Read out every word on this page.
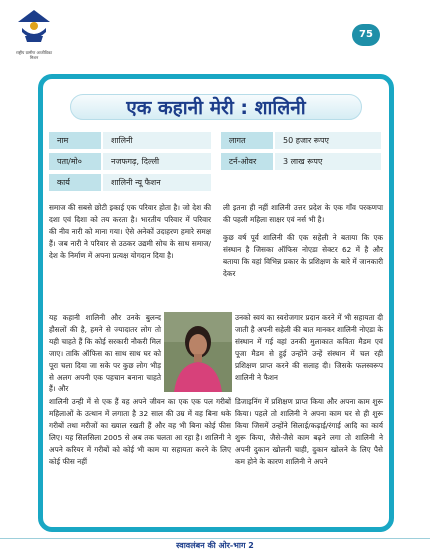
राष्ट्रीय ग्रामीण आजीविका मिशन
75
एक कहानी मेरी : शालिनी
नाम	शालिनी	लागत	50 हजार रूपए
पता/मो०	नजफगढ़, दिल्ली	टर्न-ओवर	3 लाख रूपए
कार्य	शालिनी न्यू फैशन

समाज की सबसे छोटी इकाई एक परिवार होता है। जो देश की दशा एवं दिशा को तय करता है। भारतीय परिवार में परिवार की नीव नारी को माना गया। ऐसे अनेकों उदाहरण हमारे समक्ष हैं। जब नारी ने परिवार से उठकर उद्यमी सोच के साथ समाज/देश के निर्माण में अपना प्रत्यक्ष योगदान दिया है।

ली इतना ही नहीं शालिनी उत्तर प्रदेश के एक गाँव परकणपा की पहली महिला साक्षर एवं नर्स भी है।

कुछ वर्ष पूर्व शालिनी की एक सहेली ने बताया कि एक संस्थान है जिसका ऑफिस नोएडा सेक्टर 62 में है और बताया कि वहां विभिन्न प्रकार के प्रशिक्षण के बारे में जानकारी देकर

यह कहानी शालिनी और उनके बुलन्द हौसलों की है, हमने से ज्यादातर लोग तो यही चाहते हैं कि कोई सरकारी नौकरी मिल जाए। ताकि ऑफिस का साथ साथ घर को पूरा चला दिया जा सके पर कुछ लोग भीड़ से अलग अपनी एक पहचान बनाना चाहते हैं। और
उनको स्वयं का स्वरोजगार प्रदान करने में भी सहायता दी जाती है अपनी सहेली की बात मानकर शालिनी नोएडा के संस्थान में गई वहां उनकी मुलाकात कविता मैडम एवं पूजा मैडम से हुई उन्होंने उन्हें संस्थान में चल रही प्रशिक्षण प्राप्त करने की सलाह दी। जिसके फलस्वरूप शालिनी ने फैशन
शालिनी उन्ही में से एक हैं वह अपने जीवन का एक एक पल गरीबों महिलाओं के उत्थान में लगाता है 32 साल की उम्र में वह बिना थके गरीबों तथा मरीजों का ख्याल रखती हैं और वह भी बिना कोई फीस लिए। यह सिलसिला 2005 से अब तक चलता आ रहा है। शालिनी ने अपने करियर में गरीबों को कोई भी काम या सहायता करने के लिए कोई फीस नहीं
डिजाइनिंग में प्रशिक्षण प्राप्त किया और अपना काम शुरू किया। पहले तो शालिनी ने अपना काम घर से ही शुरू किया जिसमें उन्होंने सिलाई/कढ़ाई/रंगाई आदि का कार्य शुरू किया, जैसे-जैसे काम बढ़ने लगा तो शालिनी ने अपनी दुकान खोलनी चाही, दुकान खोलने के लिए पैसे कम होने के कारण शालिनी ने अपने
स्वावलंबन की ओर-भाग 2
